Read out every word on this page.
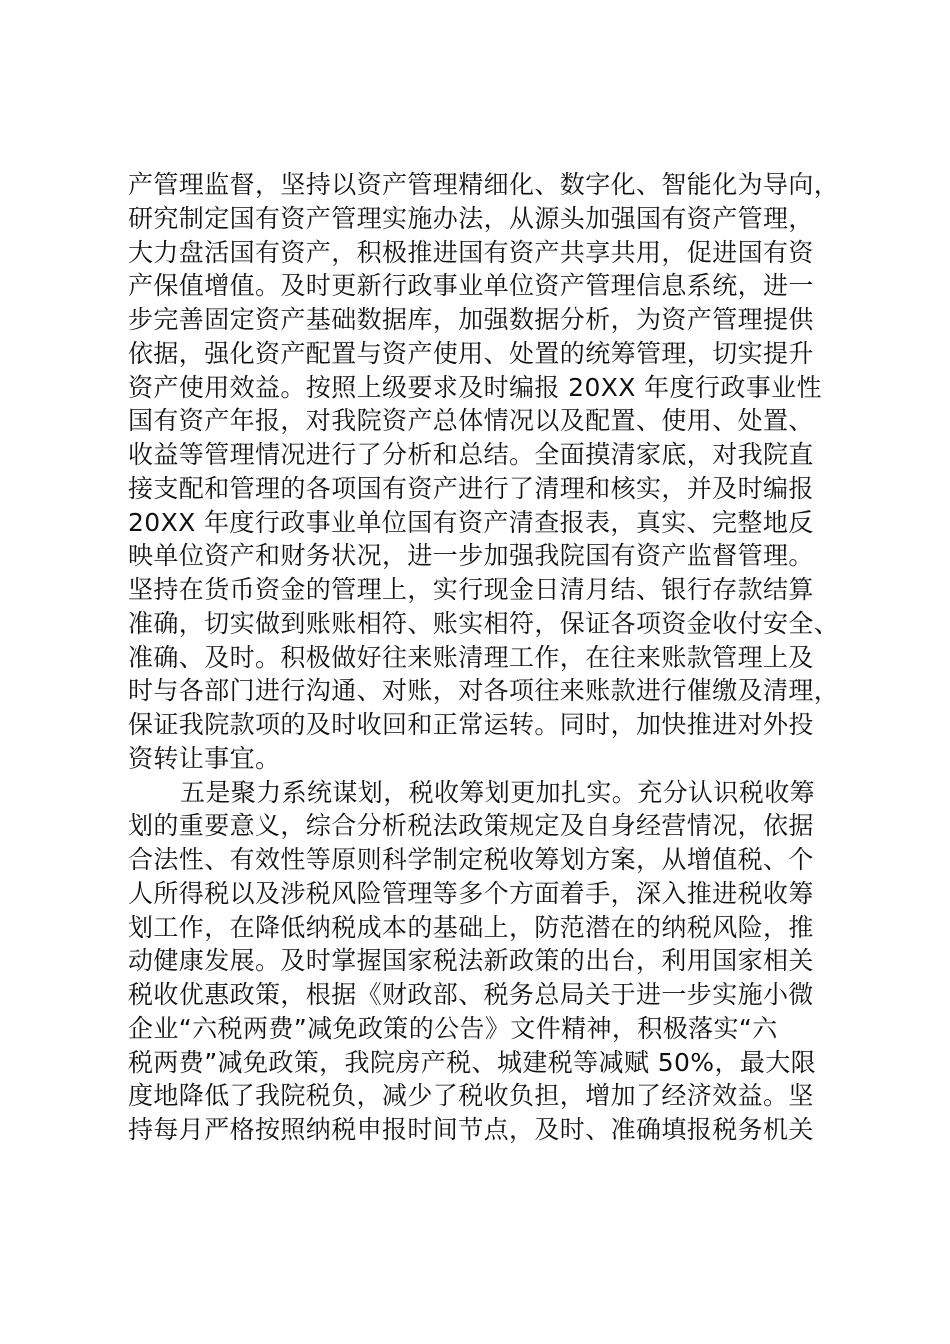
产管理监督，坚持以资产管理精细化、数字化、智能化为导向，
研究制定国有资产管理实施办法，从源头加强国有资产管理，
大力盘活国有资产，积极推进国有资产共享共用，促进国有资
产保值增值。及时更新行政事业单位资产管理信息系统，进一
步完善固定资产基础数据库，加强数据分析，为资产管理提供
依据，强化资产配置与资产使用、处置的统筹管理，切实提升
资产使用效益。按照上级要求及时编报 20XX 年度行政事业性
国有资产年报，对我院资产总体情况以及配置、使用、处置、
收益等管理情况进行了分析和总结。全面摸清家底，对我院直
接支配和管理的各项国有资产进行了清理和核实，并及时编报
20XX 年度行政事业单位国有资产清查报表，真实、完整地反
映单位资产和财务状况，进一步加强我院国有资产监督管理。
坚持在货币资金的管理上，实行现金日清月结、银行存款结算
准确，切实做到账账相符、账实相符，保证各项资金收付安全、
准确、及时。积极做好往来账清理工作，在往来账款管理上及
时与各部门进行沟通、对账，对各项往来账款进行催缴及清理，
保证我院款项的及时收回和正常运转。同时，加快推进对外投
资转让事宜。
五是聚力系统谋划，税收筹划更加扎实。充分认识税收筹
划的重要意义，综合分析税法政策规定及自身经营情况，依据
合法性、有效性等原则科学制定税收筹划方案，从增值税、个
人所得税以及涉税风险管理等多个方面着手，深入推进税收筹
划工作，在降低纳税成本的基础上，防范潜在的纳税风险，推
动健康发展。及时掌握国家税法新政策的出台，利用国家相关
税收优惠政策，根据《财政部、税务总局关于进一步实施小微
企业“六税两费”减免政策的公告》文件精神，积极落实“六
税两费”减免政策，我院房产税、城建税等减赋 50%，最大限
度地降低了我院税负，减少了税收负担，增加了经济效益。坚
持每月严格按照纳税申报时间节点，及时、准确填报税务机关
